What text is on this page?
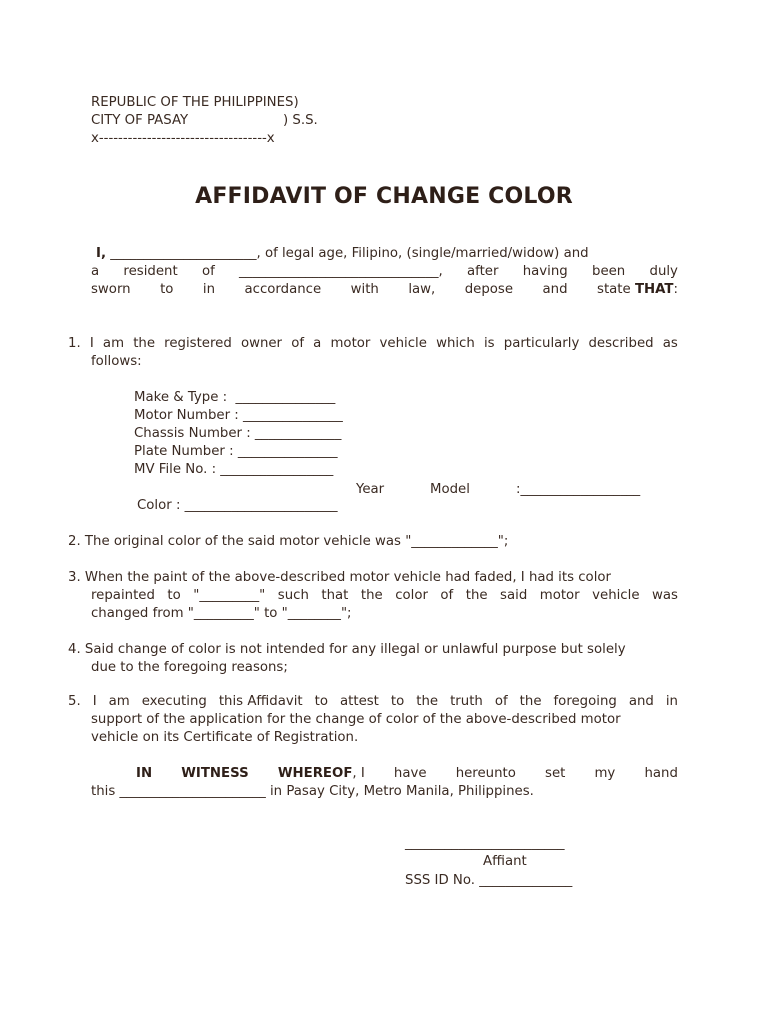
REPUBLIC OF THE PHILIPPINES)
CITY OF PASAY	) S.S.
x-----------------------------------x
AFFIDAVIT OF CHANGE COLOR
I, ______________________, of legal age, Filipino, (single/married/widow) and
a resident of ______________________________, after having been duly
sworn to in accordance with law, depose and state THAT:
1. I am the registered owner of a motor vehicle which is particularly described as
follows:
Make & Type :  _______________
Motor Number : _______________
Chassis Number : _____________
Plate Number : _______________
MV File No. : _________________
Year	Model	:__________________
Color : _______________________
2. The original color of the said motor vehicle was "_____________";
3. When the paint of the above-described motor vehicle had faded, I had its color
repainted to "_________" such that the color of the said motor vehicle was
changed from "_________" to "________";
4. Said change of color is not intended for any illegal or unlawful purpose but solely
due to the foregoing reasons;
5. I am executing this Affidavit to attest to the truth of the foregoing and in
support of the application for the change of color of the above-described motor
vehicle on its Certificate of Registration.
IN WITNESS WHEREOF, I have hereunto set my hand
this ______________________ in Pasay City, Metro Manila, Philippines.
________________________
Affiant
SSS ID No. ______________
